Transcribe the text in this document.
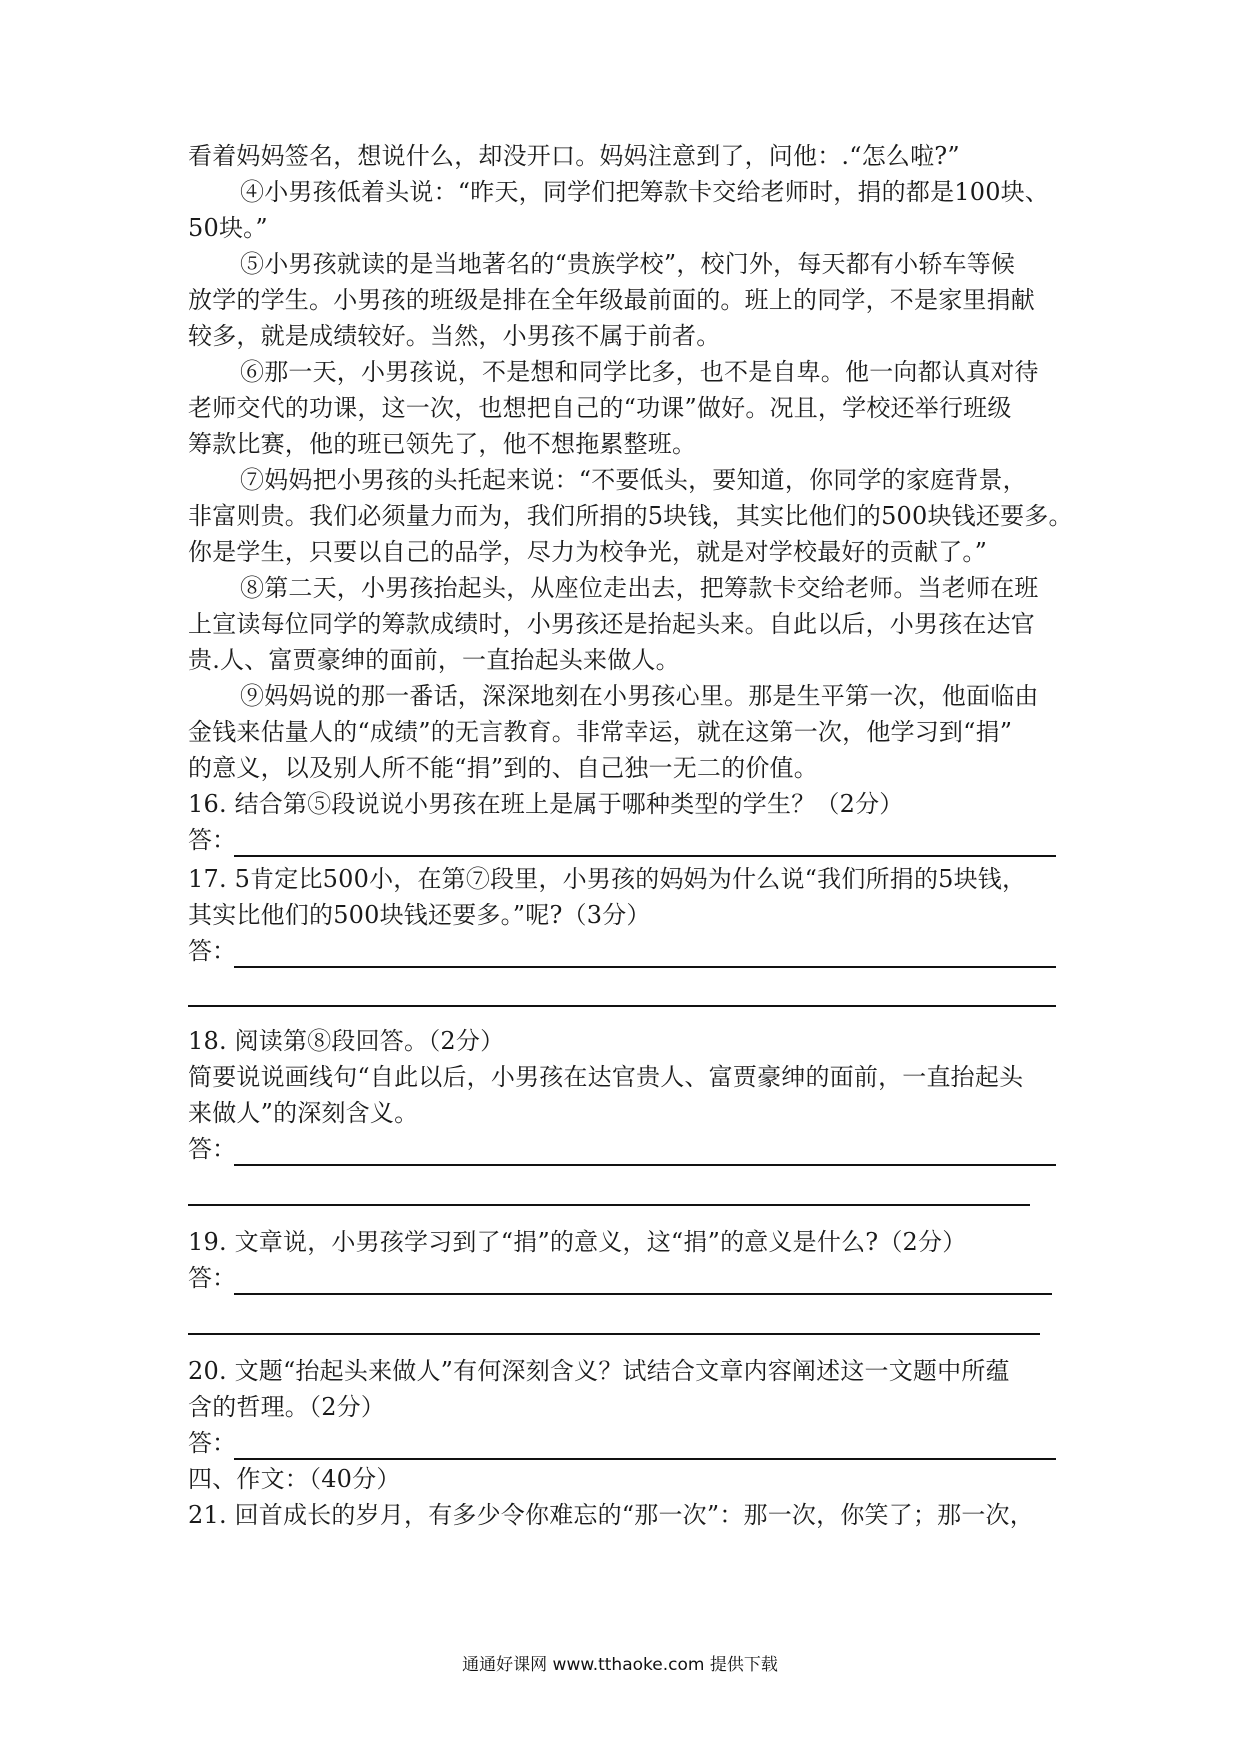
看着妈妈签名，想说什么，却没开口。妈妈注意到了，问他：.“怎么啦?”
④小男孩低着头说：“昨天，同学们把筹款卡交给老师时，捐的都是100块、
50块。”
⑤小男孩就读的是当地著名的“贵族学校”，校门外，每天都有小轿车等候
放学的学生。小男孩的班级是排在全年级最前面的。班上的同学，不是家里捐献
较多，就是成绩较好。当然，小男孩不属于前者。
⑥那一天，小男孩说，不是想和同学比多，也不是自卑。他一向都认真对待
老师交代的功课，这一次，也想把自己的“功课”做好。况且，学校还举行班级
筹款比赛，他的班已领先了，他不想拖累整班。
⑦妈妈把小男孩的头托起来说：“不要低头，要知道，你同学的家庭背景，
非富则贵。我们必须量力而为，我们所捐的5块钱，其实比他们的500块钱还要多。
你是学生，只要以自己的品学，尽力为校争光，就是对学校最好的贡献了。”
⑧第二天，小男孩抬起头，从座位走出去，把筹款卡交给老师。当老师在班
上宣读每位同学的筹款成绩时，小男孩还是抬起头来。自此以后，小男孩在达官
贵.人、富贾豪绅的面前，一直抬起头来做人。
⑨妈妈说的那一番话，深深地刻在小男孩心里。那是生平第一次，他面临由
金钱来估量人的“成绩”的无言教育。非常幸运，就在这第一次，他学习到“捐”
的意义，以及别人所不能“捐”到的、自己独一无二的价值。
16. 结合第⑤段说说小男孩在班上是属于哪种类型的学生？（2分）
答：
17. 5肯定比500小，在第⑦段里，小男孩的妈妈为什么说“我们所捐的5块钱，
其实比他们的500块钱还要多。”呢?（3分）
答：
18. 阅读第⑧段回答。（2分）
简要说说画线句“自此以后，小男孩在达官贵人、富贾豪绅的面前，一直抬起头
来做人”的深刻含义。
答：
19. 文章说，小男孩学习到了“捐”的意义，这“捐”的意义是什么?（2分）
答：
20. 文题“抬起头来做人”有何深刻含义？试结合文章内容阐述这一文题中所蕴
含的哲理。（2分）
答：
四、作文：（40分）
21. 回首成长的岁月，有多少令你难忘的“那一次”：那一次，你笑了；那一次，
通通好课网 www.tthaoke.com 提供下载
